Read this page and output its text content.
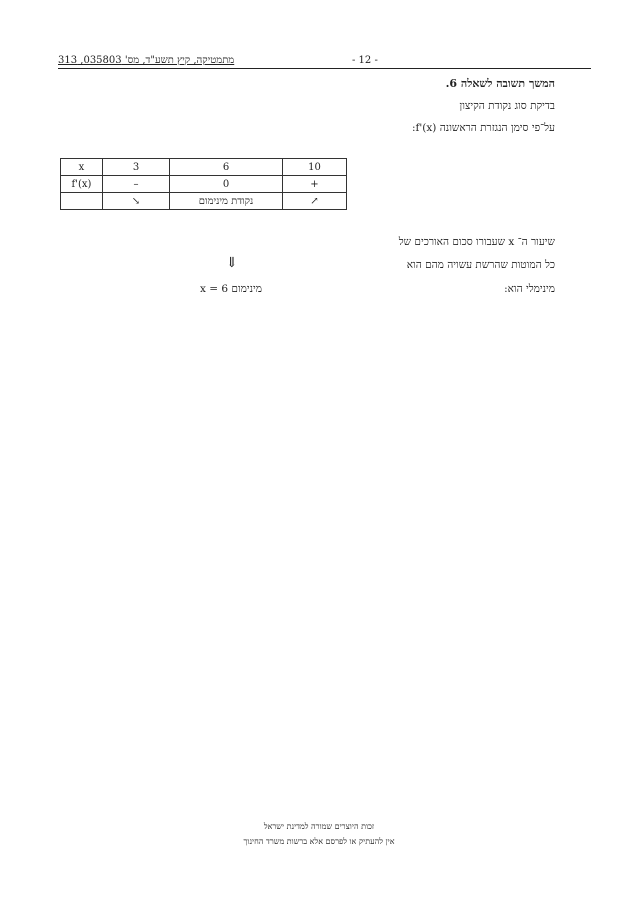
מתמטיקה, קיץ תשע"ד, מס' 035803, 313	- 12 -
המשך תשובה לשאלה 6.
בדיקת סוג נקודת הקיצון
על־פי סימן הנגזרת הראשונה f'(x):
x	3	6	10
f'(x)	–	0	+
	↘	נקודת מינימום	↗
שיעור ה־ x שעבורו סכום האורכים של
כל המוטות שהרשת עשויה מהם הוא
⇓
מינימלי הוא:
x = 6 מינימום
זכות היוצרים שמורה למדינת ישראל
אין להעתיק או לפרסם אלא ברשות משרד החינוך
